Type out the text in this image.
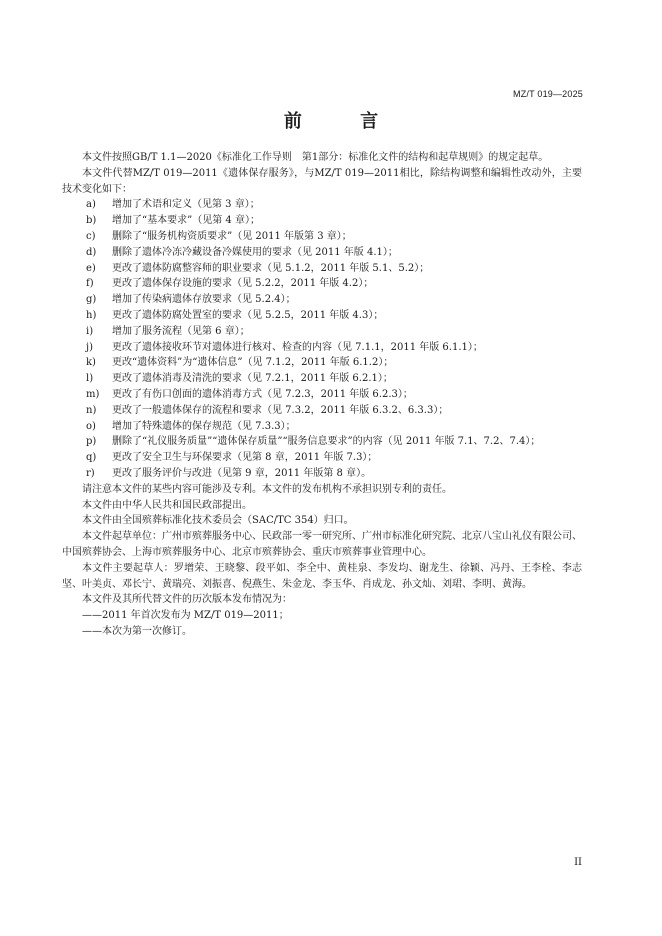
MZ/T 019—2025
前 言

本文件按照GB/T 1.1—2020《标准化工作导则　第1部分：标准化文件的结构和起草规则》的规定起草。

本文件代替MZ/T 019—2011《遗体保存服务》，与MZ/T 019—2011相比，除结构调整和编辑性改动外，主要技术变化如下：

a)	增加了术语和定义（见第 3 章）；
b)	增加了“基本要求”（见第 4 章）；
c)	删除了“服务机构资质要求”（见 2011 年版第 3 章）；
d)	删除了遗体冷冻冷藏设备冷媒使用的要求（见 2011 年版 4.1）；
e)	更改了遗体防腐整容师的职业要求（见 5.1.2，2011 年版 5.1、5.2）；
f)	更改了遗体保存设施的要求（见 5.2.2，2011 年版 4.2）；
g)	增加了传染病遗体存放要求（见 5.2.4）；
h)	更改了遗体防腐处置室的要求（见 5.2.5，2011 年版 4.3）；
i)	增加了服务流程（见第 6 章）；
j)	更改了遗体接收环节对遗体进行核对、检查的内容（见 7.1.1，2011 年版 6.1.1）；
k)	更改“遗体资料”为“遗体信息”（见 7.1.2，2011 年版 6.1.2）；
l)	更改了遗体消毒及清洗的要求（见 7.2.1，2011 年版 6.2.1）；
m)	更改了有伤口创面的遗体消毒方式（见 7.2.3，2011 年版 6.2.3）；
n)	更改了一般遗体保存的流程和要求（见 7.3.2，2011 年版 6.3.2、6.3.3）；
o)	增加了特殊遗体的保存规范（见 7.3.3）；
p)	删除了“礼仪服务质量”“遗体保存质量”“服务信息要求”的内容（见 2011 年版 7.1、7.2、7.4）；
q)	更改了安全卫生与环保要求（见第 8 章，2011 年版 7.3）；
r)	更改了服务评价与改进（见第 9 章，2011 年版第 8 章）。

请注意本文件的某些内容可能涉及专利。本文件的发布机构不承担识别专利的责任。

本文件由中华人民共和国民政部提出。

本文件由全国殡葬标准化技术委员会（SAC/TC 354）归口。

本文件起草单位：广州市殡葬服务中心、民政部一零一研究所、广州市标准化研究院、北京八宝山礼仪有限公司、中国殡葬协会、上海市殡葬服务中心、北京市殡葬协会、重庆市殡葬事业管理中心。

本文件主要起草人：罗增荣、王晓黎、段平如、李全中、黄桂泉、李发均、谢龙生、徐颖、冯丹、王李栓、李志坚、叶美贞、邓长宁、黄瑞亮、刘振喜、倪燕生、朱金龙、李玉华、肖成龙、孙文灿、刘珺、李明、黄海。

本文件及其所代替文件的历次版本发布情况为：

——2011 年首次发布为 MZ/T 019—2011；

——本次为第一次修订。

II
